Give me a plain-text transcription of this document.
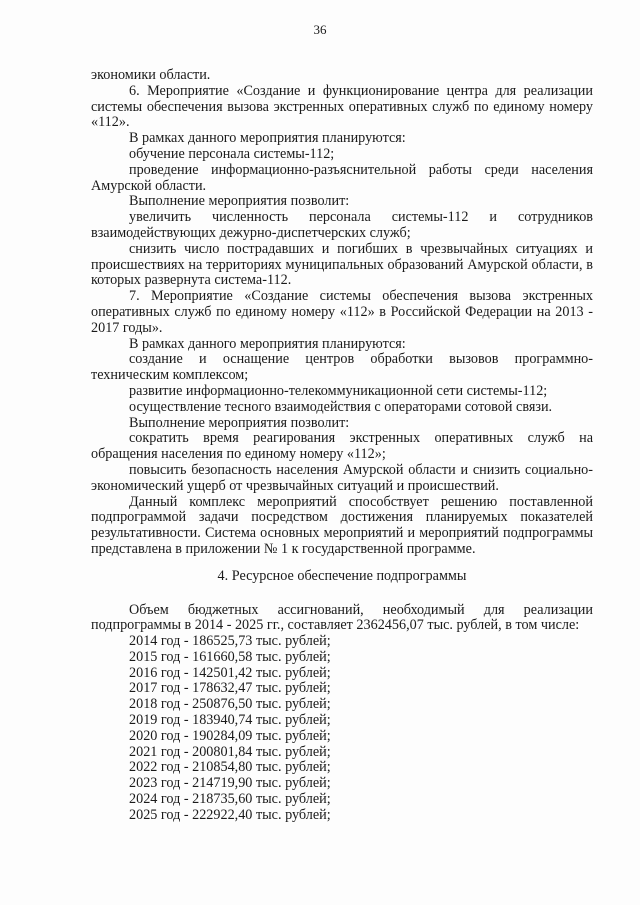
36

экономики области.

6. Мероприятие «Создание и функционирование центра для реализации системы обеспечения вызова экстренных оперативных служб по единому номеру «112».

В рамках данного мероприятия планируются:

обучение персонала системы-112;

проведение информационно-разъяснительной работы среди населения Амурской области.

Выполнение мероприятия позволит:

увеличить численность персонала системы-112 и сотрудников взаимодействующих дежурно-диспетчерских служб;

снизить число пострадавших и погибших в чрезвычайных ситуациях и происшествиях на территориях муниципальных образований Амурской области, в которых развернута система-112.

7. Мероприятие «Создание системы обеспечения вызова экстренных оперативных служб по единому номеру «112» в Российской Федерации на 2013 - 2017 годы».

В рамках данного мероприятия планируются:

создание и оснащение центров обработки вызовов программно-техническим комплексом;

развитие информационно-телекоммуникационной сети системы-112;

осуществление тесного взаимодействия с операторами сотовой связи.

Выполнение мероприятия позволит:

сократить время реагирования экстренных оперативных служб на обращения населения по единому номеру «112»;

повысить безопасность населения Амурской области и снизить социально-экономический ущерб от чрезвычайных ситуаций и происшествий.

Данный комплекс мероприятий способствует решению поставленной подпрограммой задачи посредством достижения планируемых показателей результативности. Система основных мероприятий и мероприятий подпрограммы представлена в приложении № 1 к государственной программе.

4. Ресурсное обеспечение подпрограммы

Объем бюджетных ассигнований, необходимый для реализации подпрограммы в 2014 - 2025 гг., составляет 2362456,07 тыс. рублей, в том числе:

2014 год - 186525,73 тыс. рублей;
2015 год - 161660,58 тыс. рублей;
2016 год - 142501,42 тыс. рублей;
2017 год - 178632,47 тыс. рублей;
2018 год - 250876,50 тыс. рублей;
2019 год - 183940,74 тыс. рублей;
2020 год - 190284,09 тыс. рублей;
2021 год - 200801,84 тыс. рублей;
2022 год - 210854,80 тыс. рублей;
2023 год - 214719,90 тыс. рублей;
2024 год - 218735,60 тыс. рублей;
2025 год - 222922,40 тыс. рублей;
